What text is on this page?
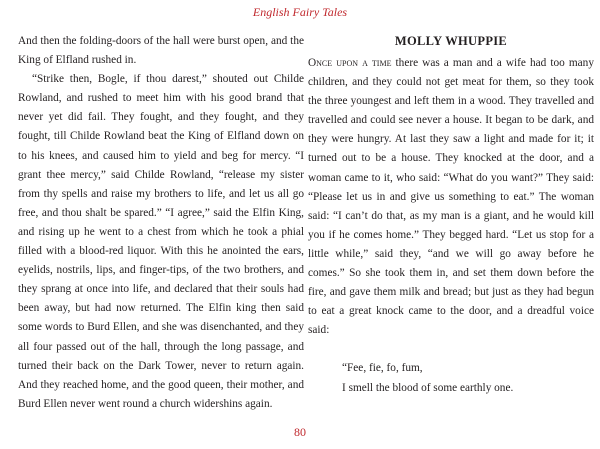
English Fairy Tales

And then the folding-doors of the hall were burst open, and the King of Elfland rushed in.

“Strike then, Bogle, if thou darest,” shouted out Childe Rowland, and rushed to meet him with his good brand that never yet did fail. They fought, and they fought, and they fought, till Childe Rowland beat the King of Elfland down on to his knees, and caused him to yield and beg for mercy. “I grant thee mercy,” said Childe Rowland, “release my sister from thy spells and raise my brothers to life, and let us all go free, and thou shalt be spared.” “I agree,” said the Elfin King, and rising up he went to a chest from which he took a phial filled with a blood-red liquor. With this he anointed the ears, eyelids, nostrils, lips, and finger-tips, of the two brothers, and they sprang at once into life, and declared that their souls had been away, but had now returned. The Elfin king then said some words to Burd Ellen, and she was disenchanted, and they all four passed out of the hall, through the long passage, and turned their back on the Dark Tower, never to return again. And they reached home, and the good queen, their mother, and Burd Ellen never went round a church widershins again.

MOLLY WHUPPIE

Once upon a time there was a man and a wife had too many children, and they could not get meat for them, so they took the three youngest and left them in a wood. They travelled and travelled and could see never a house. It began to be dark, and they were hungry. At last they saw a light and made for it; it turned out to be a house. They knocked at the door, and a woman came to it, who said: “What do you want?” They said: “Please let us in and give us something to eat.” The woman said: “I can’t do that, as my man is a giant, and he would kill you if he comes home.” They begged hard. “Let us stop for a little while,” said they, “and we will go away before he comes.” So she took them in, and set them down before the fire, and gave them milk and bread; but just as they had begun to eat a great knock came to the door, and a dreadful voice said:

“Fee, fie, fo, fum,
I smell the blood of some earthly one.
80
